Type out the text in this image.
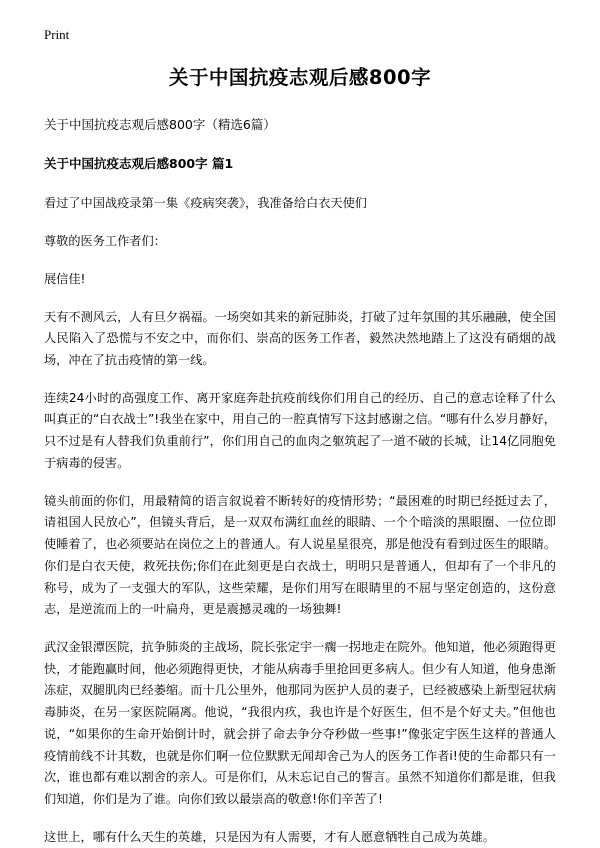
Print
关于中国抗疫志观后感800字
关于中国抗疫志观后感800字（精选6篇）
关于中国抗疫志观后感800字 篇1

看过了中国战疫录第一集《疫病突袭》，我准备给白衣天使们

尊敬的医务工作者们：

展信佳!

天有不测风云，人有旦夕祸福。一场突如其来的新冠肺炎，打破了过年氛围的其乐融融，使全国人民陷入了恐慌与不安之中，而你们、崇高的医务工作者，毅然决然地踏上了这没有硝烟的战场，冲在了抗击疫情的第一线。

连续24小时的高强度工作、离开家庭奔赴抗疫前线你们用自己的经历、自己的意志诠释了什么叫真正的“白衣战士”!我坐在家中，用自己的一腔真情写下这封感谢之信。“哪有什么岁月静好，只不过是有人替我们负重前行”，你们用自己的血肉之躯筑起了一道不破的长城，让14亿同胞免于病毒的侵害。

镜头前面的你们，用最精简的语言叙说着不断转好的疫情形势；“最困难的时期已经挺过去了，请祖国人民放心”，但镜头背后，是一双双布满红血丝的眼睛、一个个暗淡的黑眼圈、一位位即使睡着了，也必须要站在岗位之上的普通人。有人说星星很亮，那是他没有看到过医生的眼睛。你们是白衣天使，救死扶伤;你们在此刻更是白衣战士，明明只是普通人，但却有了一个非凡的称号，成为了一支强大的军队，这些荣耀，是你们用写在眼睛里的不屈与坚定创造的，这份意志，是逆流而上的一叶扁舟，更是震撼灵魂的一场独舞!

武汉金银潭医院，抗争肺炎的主战场，院长张定宇一瘸一拐地走在院外。他知道，他必须跑得更快，才能跑赢时间，他必须跑得更快，才能从病毒手里抢回更多病人。但少有人知道，他身患渐冻症，双腿肌肉已经萎缩。而十几公里外，他那同为医护人员的妻子，已经被感染上新型冠状病毒肺炎，在另一家医院隔离。他说，“我很内疚，我也许是个好医生，但不是个好丈夫。”但他也说，“如果你的生命开始倒计时，就会拼了命去争分夺秒做一些事!”像张定宇医生这样的普通人疫情前线不计其数，也就是你们啊一位位默默无闻却舍己为人的医务工作者i!使的生命都只有一次，谁也都有难以割舍的亲人。可是你们，从未忘记自己的誓言。虽然不知道你们都是谁，但我们知道，你们是为了谁。向你们致以最崇高的敬意!你们辛苦了!

这世上，哪有什么天生的英雄，只是因为有人需要，才有人愿意牺牲自己成为英雄。
